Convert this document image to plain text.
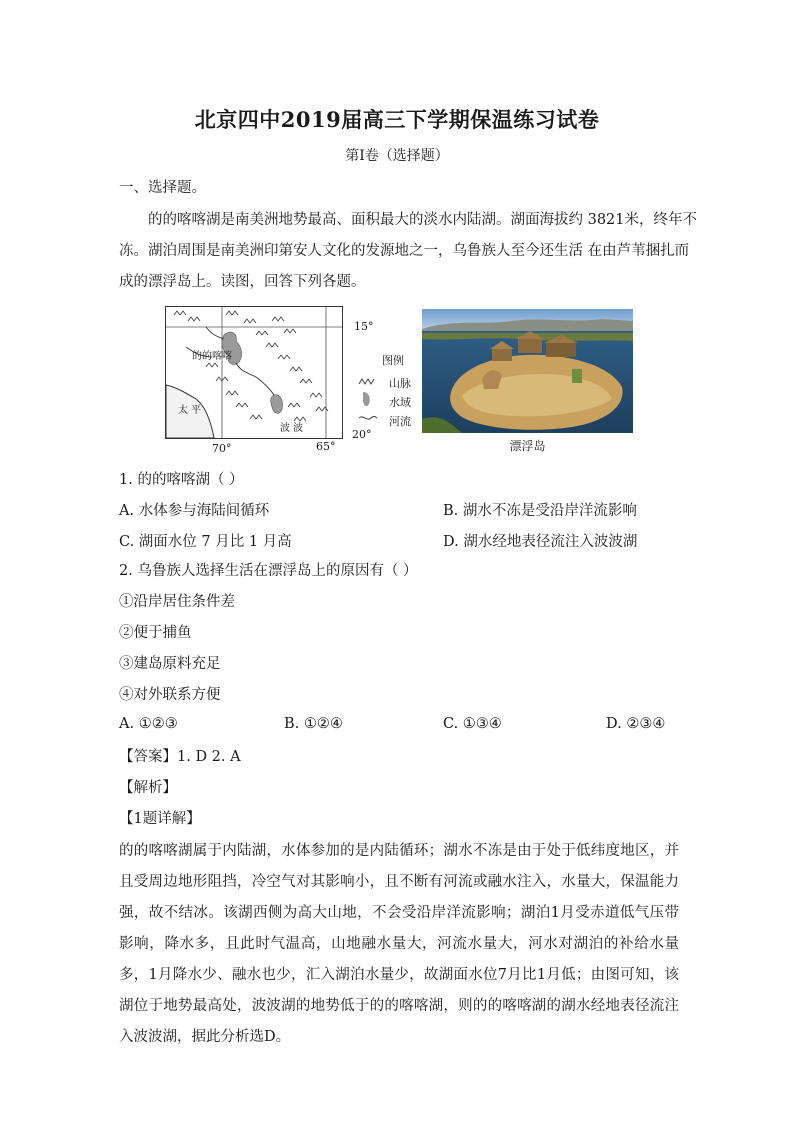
北京四中2019届高三下学期保温练习试卷
第Ⅰ卷（选择题）
一、选择题。
的的喀喀湖是南美洲地势最高、面积最大的淡水内陆湖。湖面海拔约 3821米，终年不
冻。湖泊周围是南美洲印第安人文化的发源地之一，乌鲁族人至今还生活 在由芦苇捆扎而
成的漂浮岛上。读图，回答下列各题。
的的喀喀
太 平
波 波
15°
20°
70°	65°
图例
山脉
水域
河流
漂浮岛
1. 的的喀喀湖（ ）
A. 水体参与海陆间循环	B. 湖水不冻是受沿岸洋流影响
C. 湖面水位 7 月比 1 月高	D. 湖水经地表径流注入波波湖
2. 乌鲁族人选择生活在漂浮岛上的原因有（ ）
①沿岸居住条件差
②便于捕鱼
③建岛原料充足
④对外联系方便
A. ①②③	B. ①②④	C. ①③④	D. ②③④
【答案】1. D 2. A
【解析】
【1题详解】

的的喀喀湖属于内陆湖，水体参加的是内陆循环；湖水不冻是由于处于低纬度地区，并且受周边地形阻挡，冷空气对其影响小，且不断有河流或融水注入，水量大，保温能力强，故不结冰。该湖西侧为高大山地，不会受沿岸洋流影响；湖泊1月受赤道低气压带影响，降水多，且此时气温高，山地融水量大，河流水量大，河水对湖泊的补给水量多，1月降水少、融水也少，汇入湖泊水量少，故湖面水位7月比1月低；由图可知，该湖位于地势最高处，波波湖的地势低于的的喀喀湖，则的的喀喀湖的湖水经地表径流注入波波湖，据此分析选D。
